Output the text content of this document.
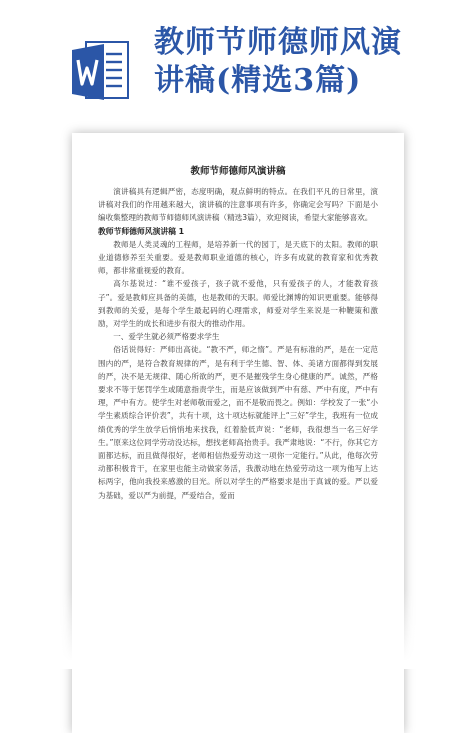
教师节师德师风演
讲稿(精选3篇)

教师节师德师风演讲稿

演讲稿具有逻辑严密，态度明确，观点鲜明的特点。在我们平凡的日常里，演讲稿对我们的作用越来越大，演讲稿的注意事项有许多，你确定会写吗？下面是小编收集整理的教师节师德师风演讲稿（精选3篇），欢迎阅读，希望大家能够喜欢。

教师节师德师风演讲稿 1

教师是人类灵魂的工程师，是培养新一代的园丁，是天底下的太阳。教师的职业道德修养至关重要。爱是教师职业道德的核心，许多有成就的教育家和优秀教师，都非常重视爱的教育。

高尔基说过：“谁不爱孩子，孩子就不爱他，只有爱孩子的人，才能教育孩子”。爱是教师应具备的美德，也是教师的天职。师爱比渊博的知识更重要。能够得到教师的关爱，是每个学生最起码的心理需求，师爱对学生来说是一种鞭策和激励，对学生的成长和进步有很大的推动作用。

一、爱学生就必须严格要求学生

俗话说得好：严师出高徒。“教不严，师之惰”。严是有标准的严，是在一定范围内的严，是符合教育规律的严，是有利于学生德、智、体、美诸方面都得到发展的严，决不是无规律、随心所欲的严，更不是摧残学生身心健康的严。诚然，严格要求不等于惩罚学生或随意指责学生，而是应该做到严中有慈、严中有度，严中有理，严中有方。使学生对老师敬而爱之，而不是敬而畏之。例如：学校发了一张“小学生素质综合评价表”，共有十项，这十项达标就能评上“三好”学生，我班有一位成绩优秀的学生放学后悄悄地来找我，红着脸低声说：“老师，我很想当一名三好学生。”原来这位同学劳动没达标，想找老师高抬贵手。我严肃地说：“不行，你其它方面都达标，而且做得很好，老师相信热爱劳动这一项你一定能行。”从此，他每次劳动都积极肯干，在家里也能主动做家务活，我激动地在热爱劳动这一项为他写上达标两字，他向我投来感激的目光。所以对学生的严格要求是出于真诚的爱。严以爱为基础，爱以严为前提，严爱结合，爱而
